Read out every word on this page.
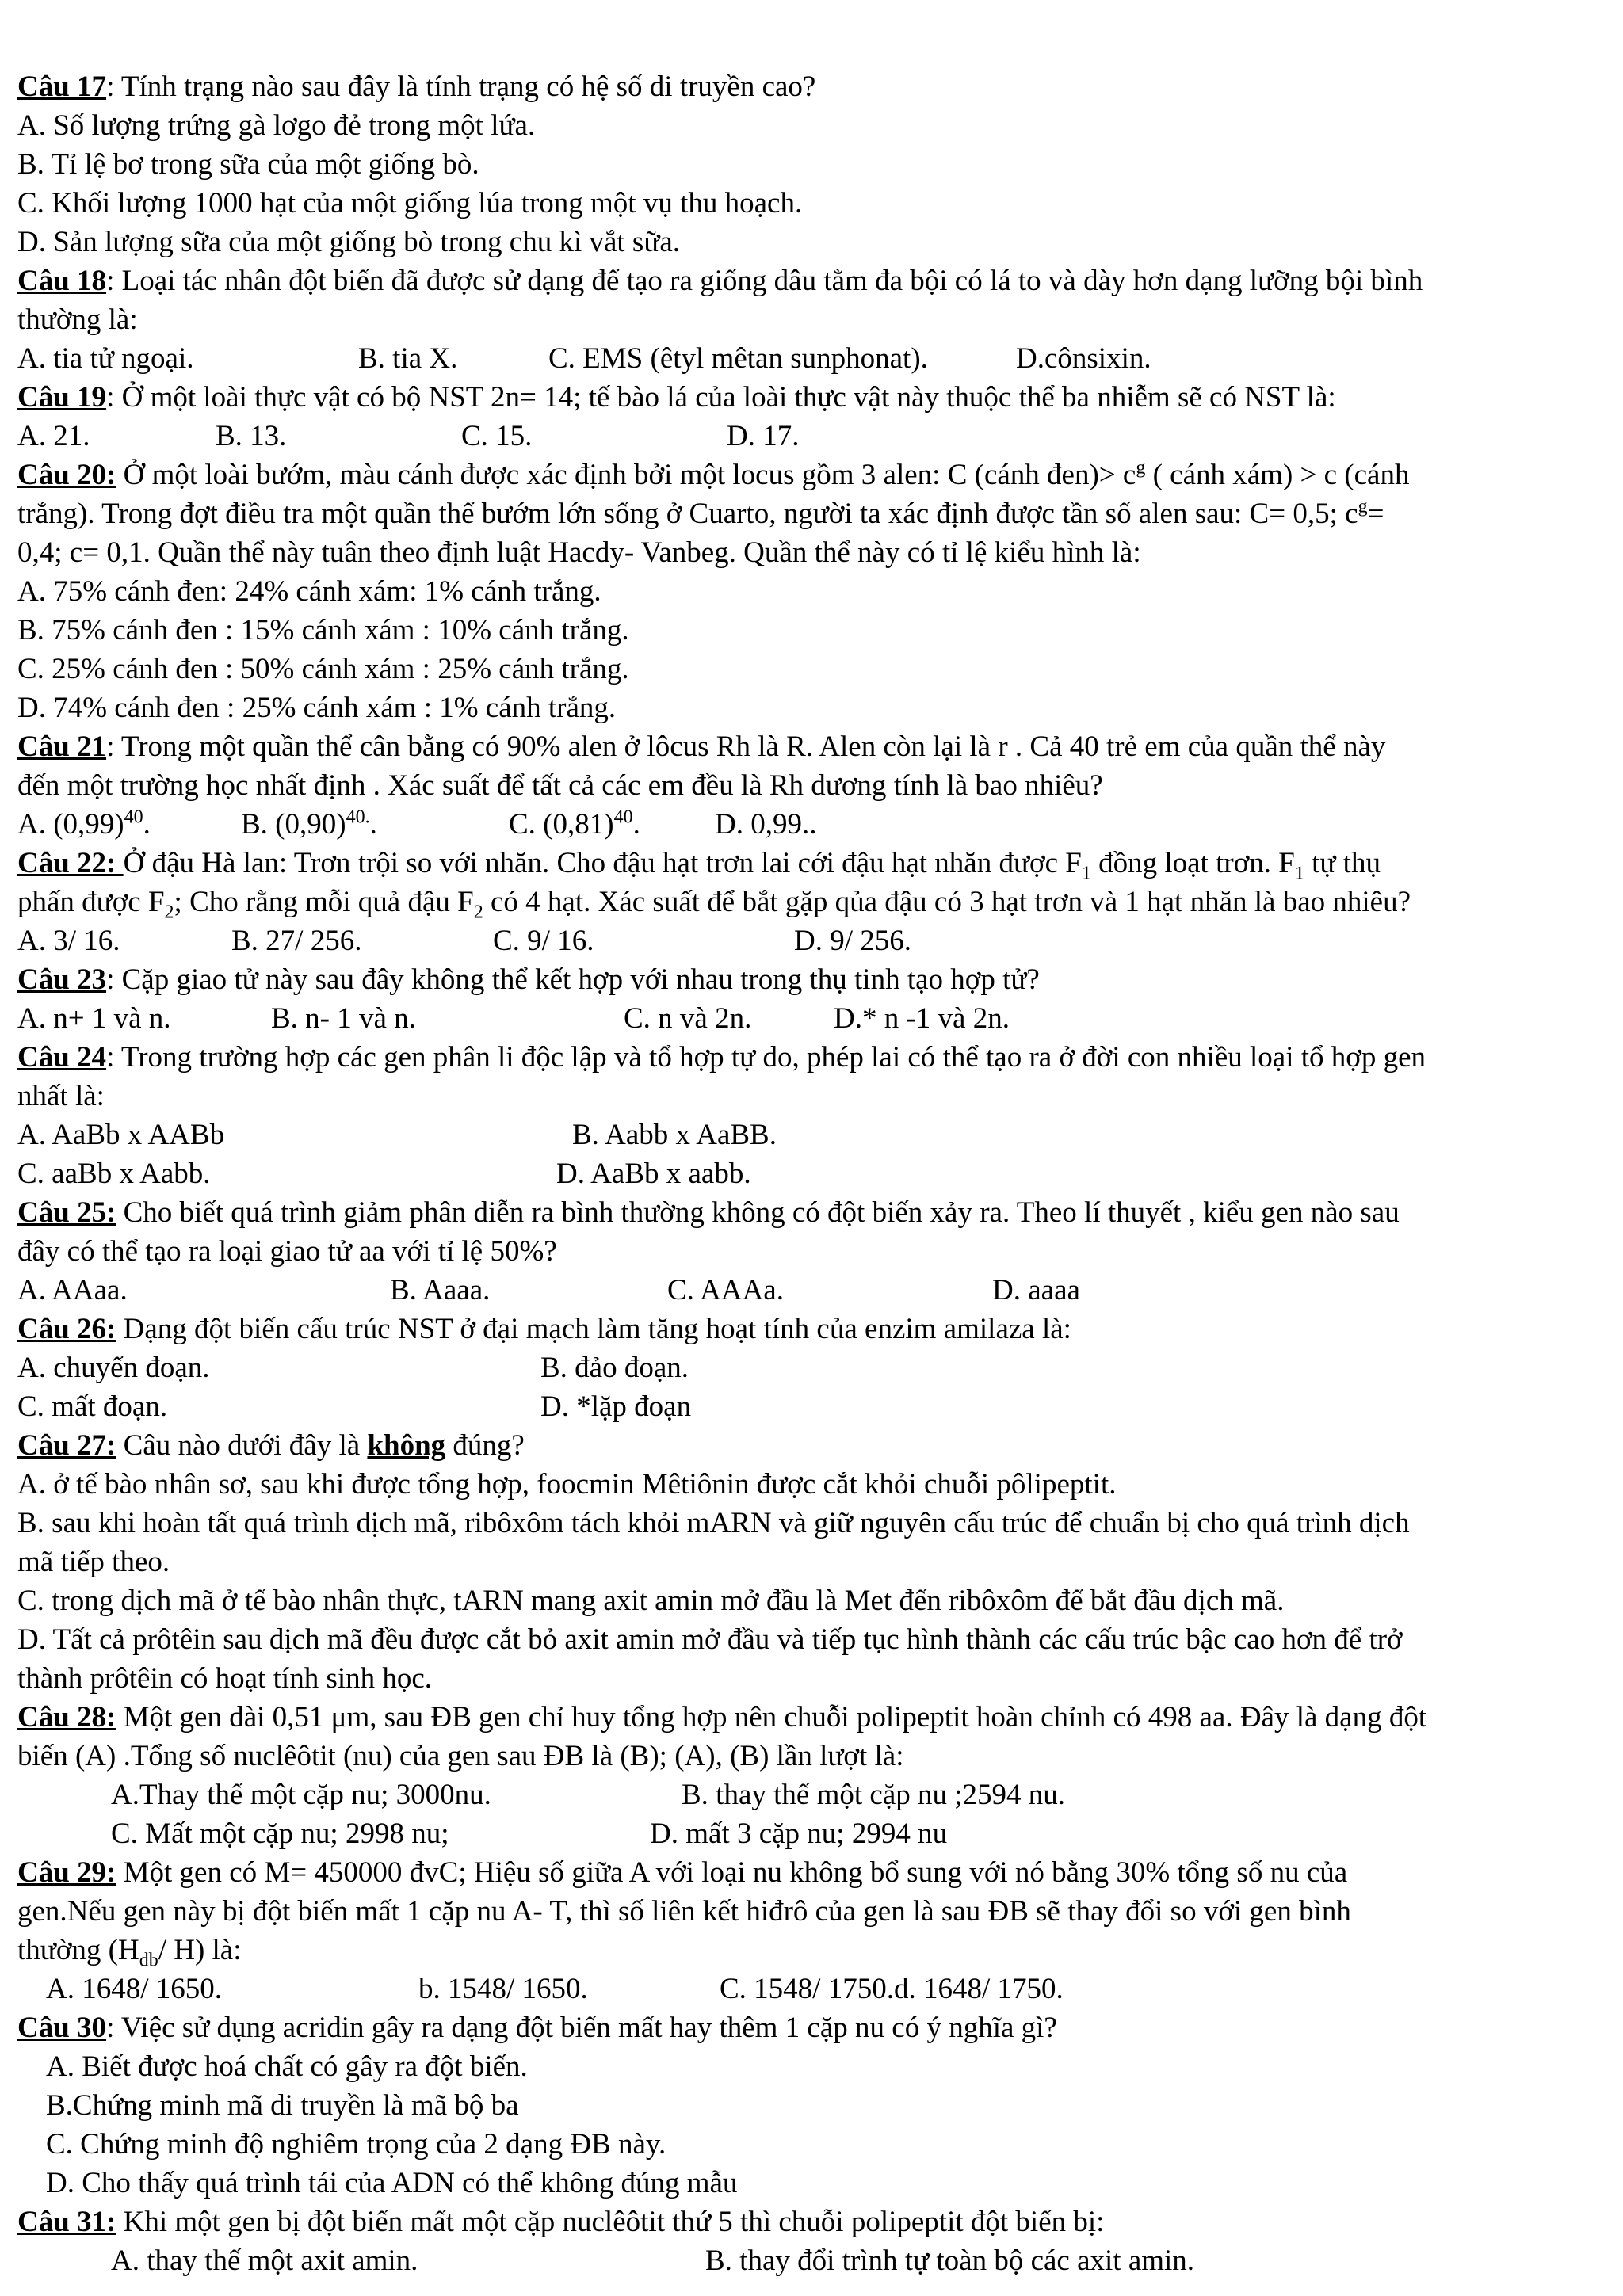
Câu 17: Tính trạng nào sau đây là tính trạng có hệ số di truyền cao?
A. Số lượng trứng gà lơgo đẻ trong một lứa.
B. Tỉ lệ bơ trong sữa của một giống bò.
C. Khối lượng 1000 hạt của một giống lúa trong một vụ thu hoạch.
D. Sản lượng sữa của một giống bò trong chu kì vắt sữa.
Câu 18: Loại tác nhân đột biến đã được sử dạng để tạo ra giống dâu tằm đa bội có lá to và dày hơn dạng lưỡng bội bình
thường là:
A. tia tử ngoại.	B. tia X.	C. EMS (êtyl mêtan sunphonat).	D.cônsixin.
Câu 19: Ở một loài thực vật có bộ NST 2n= 14; tế bào lá của loài thực vật này thuộc thể ba nhiễm sẽ có NST là:
A. 21.	B. 13.	C. 15.	D. 17.
Câu 20: Ở một loài bướm, màu cánh được xác định bởi một locus gồm 3 alen: C (cánh đen)> $c^g$ ( cánh xám) > c (cánh
trắng). Trong đợt điều tra một quần thể bướm lớn sống ở Cuarto, người ta xác định được tần số alen sau: C= 0,5; $c^g=$
0,4; c= 0,1. Quần thể này tuân theo định luật Hacdy- Vanbeg. Quần thể này có tỉ lệ kiểu hình là:
A. 75% cánh đen: 24% cánh xám: 1% cánh trắng.
B. 75% cánh đen : 15% cánh xám : 10% cánh trắng.
C. 25% cánh đen : 50% cánh xám : 25% cánh trắng.
D. 74% cánh đen : 25% cánh xám : 1% cánh trắng.
Câu 21: Trong một quần thể cân bằng có 90% alen ở lôcus Rh là R. Alen còn lại là r . Cả 40 trẻ em của quần thể này
đến một trường học nhất định . Xác suất để tất cả các em đều là Rh dương tính là bao nhiêu?
A. $(0,99)^{40}$.	B. $(0,90)^{40.}$.	C. $(0,81)^{40}$.	D. 0,99..
Câu 22: Ở đậu Hà lan: Trơn trội so với nhăn. Cho đậu hạt trơn lai cới đậu hạt nhăn được $F_1$ đồng loạt trơn. $F_1$ tự thụ
phấn được $F_2$; Cho rằng mỗi quả đậu $F_2$ có 4 hạt. Xác suất để bắt gặp qủa đậu có 3 hạt trơn và 1 hạt nhăn là bao nhiêu?
A. 3/ 16.	B. 27/ 256.	C. 9/ 16.	D. 9/ 256.
Câu 23: Cặp giao tử này sau đây không thể kết hợp với nhau trong thụ tinh tạo hợp tử?
A. n+ 1 và n.	B. n- 1 và n.	C. n và 2n.	D.* n -1 và 2n.
Câu 24: Trong trường hợp các gen phân li độc lập và tổ hợp tự do, phép lai có thể tạo ra ở đời con nhiều loại tổ hợp gen
nhất là:
A. AaBb x AABb	B. Aabb x AaBB.
C. aaBb x Aabb.	D. AaBb x aabb.
Câu 25: Cho biết quá trình giảm phân diễn ra bình thường không có đột biến xảy ra. Theo lí thuyết , kiểu gen nào sau
đây có thể tạo ra loại giao tử aa với tỉ lệ 50%?
A. AAaa.	B. Aaaa.	C. AAAa.	D. aaaa
Câu 26: Dạng đột biến cấu trúc NST ở đại mạch làm tăng hoạt tính của enzim amilaza là:
A. chuyển đoạn.	B. đảo đoạn.
C. mất đoạn.	D. *lặp đoạn
Câu 27: Câu nào dưới đây là không đúng?
A. ở tế bào nhân sơ, sau khi được tổng hợp, foocmin Mêtiônin được cắt khỏi chuỗi pôlipeptit.
B. sau khi hoàn tất quá trình dịch mã, ribôxôm tách khỏi mARN và giữ nguyên cấu trúc để chuẩn bị cho quá trình dịch
mã tiếp theo.
C. trong dịch mã ở tế bào nhân thực, tARN mang axit amin mở đầu là Met đến ribôxôm để bắt đầu dịch mã.
D. Tất cả prôtêin sau dịch mã đều được cắt bỏ axit amin mở đầu và tiếp tục hình thành các cấu trúc bậc cao hơn để trở
thành prôtêin có hoạt tính sinh học.
Câu 28: Một gen dài 0,51 μm, sau ĐB gen chỉ huy tổng hợp nên chuỗi polipeptit hoàn chỉnh có 498 aa. Đây là dạng đột
biến (A) .Tổng số nuclêôtit (nu) của gen sau ĐB là (B); (A), (B) lần lượt là:
A.Thay thế một cặp nu; 3000nu.	B. thay thế một cặp nu ;2594 nu.
C. Mất một cặp nu; 2998 nu;	D. mất 3 cặp nu; 2994 nu
Câu 29: Một gen có M= 450000 đvC; Hiệu số giữa A với loại nu không bổ sung với nó bằng 30% tổng số nu của
gen.Nếu gen này bị đột biến mất 1 cặp nu A- T, thì số liên kết hiđrô của gen là sau ĐB sẽ thay đổi so với gen bình
thường ($H_{đb}/$ H) là:
A. 1648/ 1650.	b. 1548/ 1650.	C. 1548/ 1750.d. 1648/ 1750.
Câu 30: Việc sử dụng acridin gây ra dạng đột biến mất hay thêm 1 cặp nu có ý nghĩa gì?
A. Biết được hoá chất có gây ra đột biến.
B.Chứng minh mã di truyền là mã bộ ba
C. Chứng minh độ nghiêm trọng của 2 dạng ĐB này.
D. Cho thấy quá trình tái của ADN có thể không đúng mẫu
Câu 31: Khi một gen bị đột biến mất một cặp nuclêôtit thứ 5 thì chuỗi polipeptit đột biến bị:
A. thay thế một axit amin.	B. thay đổi trình tự toàn bộ các axit amin.
